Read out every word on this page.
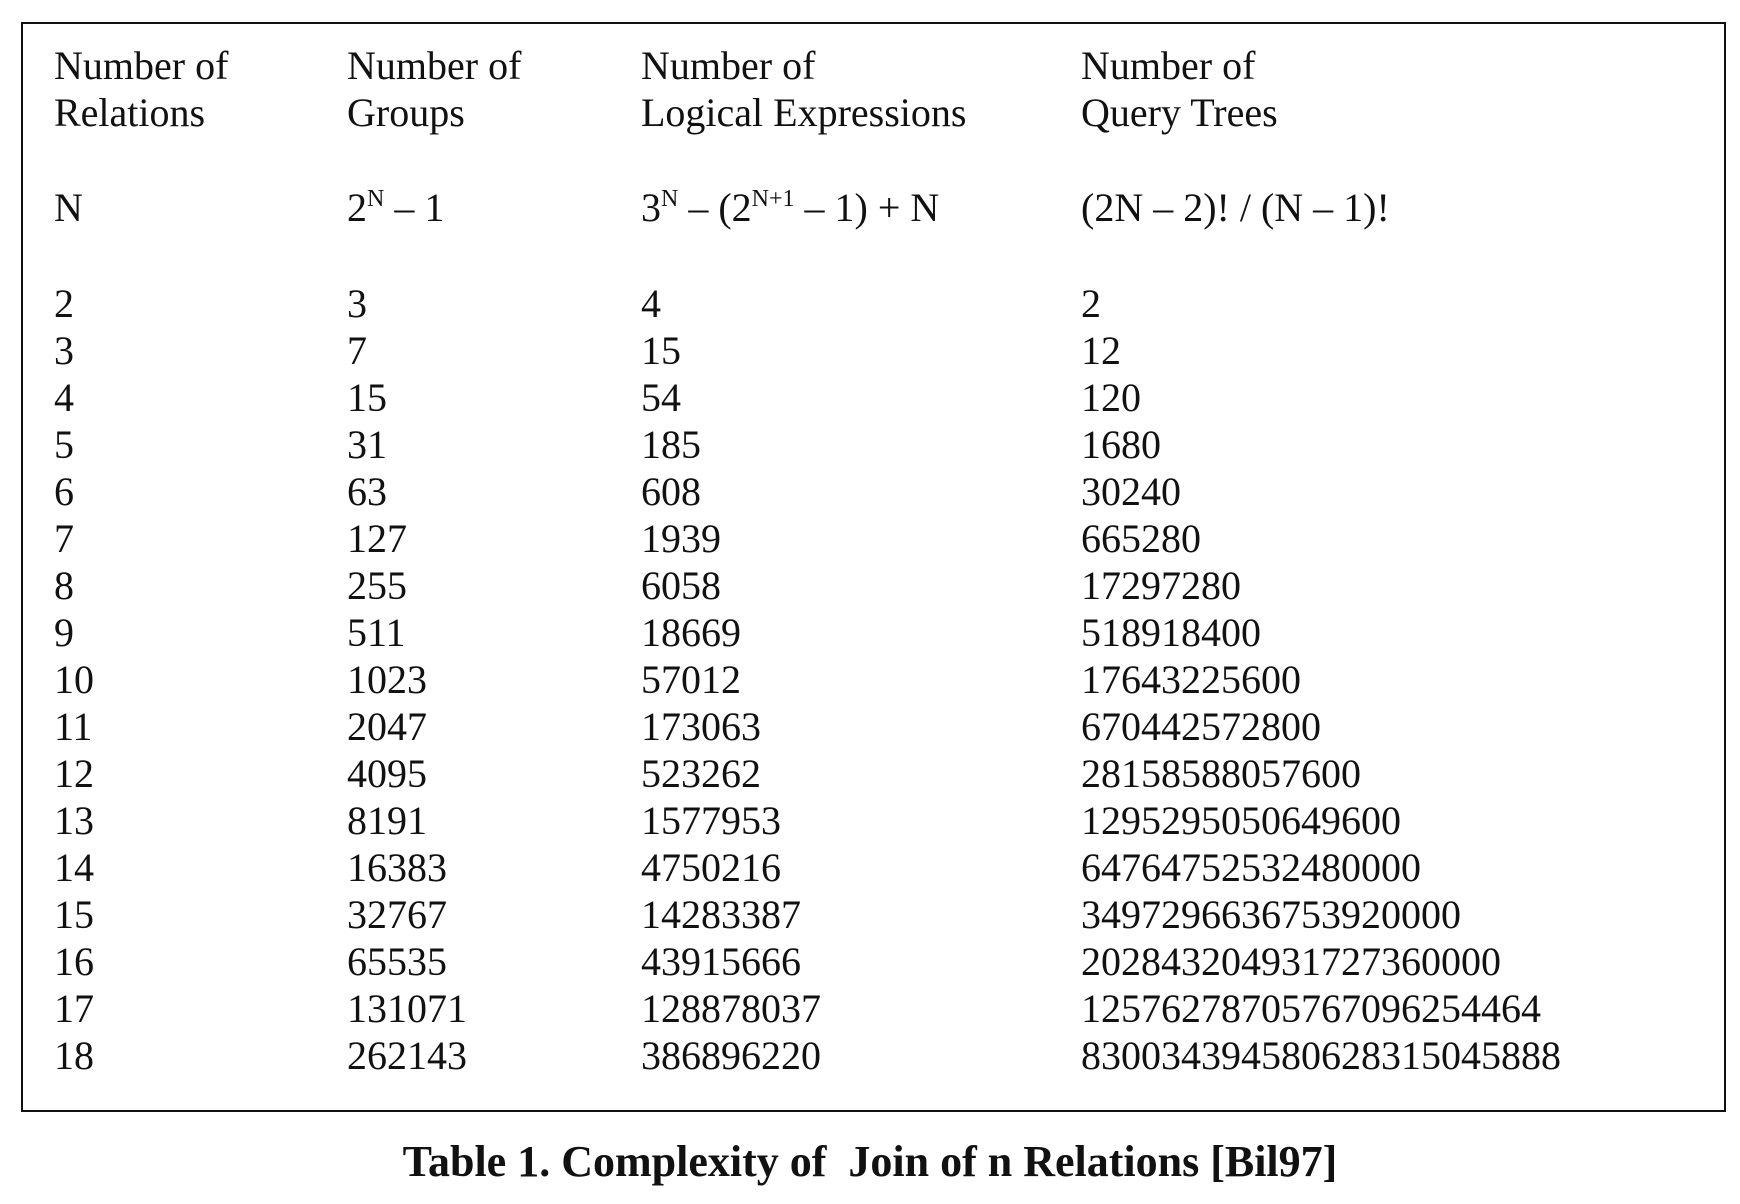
Number of
Relations
N
2
3
4
5
6
7
8
9
10
11
12
13
14
15
16
17
18
Number of
Groups
$2^N - 1$
3
7
15
31
63
127
255
511
1023
2047
4095
8191
16383
32767
65535
131071
262143
Number of
Logical Expressions
$3^N - (2^{N+1} - 1) + N$
4
15
54
185
608
1939
6058
18669
57012
173063
523262
1577953
4750216
14283387
43915666
128878037
386896220
Number of
Query Trees
(2N – 2)! / (N – 1)!
2
12
120
1680
30240
665280
17297280
518918400
17643225600
670442572800
28158588057600
1295295050649600
64764752532480000
3497296636753920000
202843204931727360000
12576278705767096254464
830034394580628315045888
Table 1. Complexity of  Join of n Relations [Bil97]
